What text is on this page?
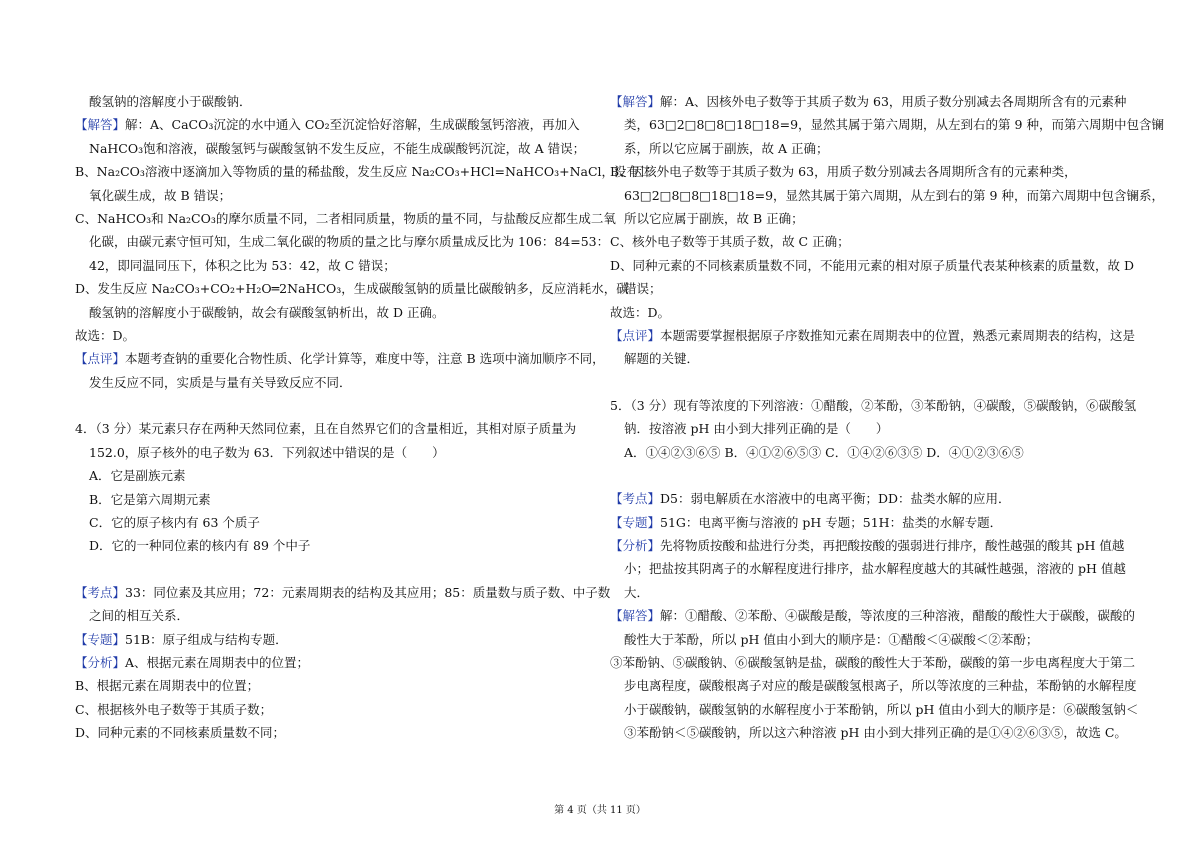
酸氢钠的溶解度小于碳酸钠．
【解答】解：A、CaCO₃沉淀的水中通入 CO₂至沉淀恰好溶解，生成碳酸氢钙溶液，再加入
NaHCO₃饱和溶液，碳酸氢钙与碳酸氢钠不发生反应，不能生成碳酸钙沉淀，故 A 错误；
B、Na₂CO₃溶液中逐滴加入等物质的量的稀盐酸，发生反应 Na₂CO₃+HCl=NaHCO₃+NaCl，没有二
氧化碳生成，故 B 错误；
C、NaHCO₃和 Na₂CO₃的摩尔质量不同，二者相同质量，物质的量不同，与盐酸反应都生成二氧
化碳，由碳元素守恒可知，生成二氧化碳的物质的量之比与摩尔质量成反比为 106：84=53：
42，即同温同压下，体积之比为 53：42，故 C 错误；
D、发生反应 Na₂CO₃+CO₂+H₂O═2NaHCO₃，生成碳酸氢钠的质量比碳酸钠多，反应消耗水，碳
酸氢钠的溶解度小于碳酸钠，故会有碳酸氢钠析出，故 D 正确。
故选：D。
【点评】本题考查钠的重要化合物性质、化学计算等，难度中等，注意 B 选项中滴加顺序不同，
发生反应不同，实质是与量有关导致反应不同．
4．（3 分）某元素只存在两种天然同位素，且在自然界它们的含量相近，其相对原子质量为
152.0，原子核外的电子数为 63．下列叙述中错误的是（　　）
A．它是副族元素
B．它是第六周期元素
C．它的原子核内有 63 个质子
D．它的一种同位素的核内有 89 个中子
【考点】33：同位素及其应用；72：元素周期表的结构及其应用；85：质量数与质子数、中子数
之间的相互关系．
【专题】51B：原子组成与结构专题．
【分析】A、根据元素在周期表中的位置；
B、根据元素在周期表中的位置；
C、根据核外电子数等于其质子数；
D、同种元素的不同核素质量数不同；
【解答】解：A、因核外电子数等于其质子数为 63，用质子数分别减去各周期所含有的元素种
类，63□2□8□8□18□18=9，显然其属于第六周期，从左到右的第 9 种，而第六周期中包含镧
系，所以它应属于副族，故 A 正确；
B、因核外电子数等于其质子数为 63，用质子数分别减去各周期所含有的元素种类，
63□2□8□8□18□18=9，显然其属于第六周期，从左到右的第 9 种，而第六周期中包含镧系，
所以它应属于副族，故 B 正确；
C、核外电子数等于其质子数，故 C 正确；
D、同种元素的不同核素质量数不同，不能用元素的相对原子质量代表某种核素的质量数，故 D
错误；
故选：D。
【点评】本题需要掌握根据原子序数推知元素在周期表中的位置，熟悉元素周期表的结构，这是
解题的关键．
5．（3 分）现有等浓度的下列溶液：①醋酸，②苯酚，③苯酚钠，④碳酸，⑤碳酸钠，⑥碳酸氢
钠．按溶液 pH 由小到大排列正确的是（　　）
A．①④②③⑥⑤ B．④①②⑥⑤③ C．①④②⑥③⑤ D．④①②③⑥⑤
【考点】D5：弱电解质在水溶液中的电离平衡；DD：盐类水解的应用．
【专题】51G：电离平衡与溶液的 pH 专题；51H：盐类的水解专题．
【分析】先将物质按酸和盐进行分类，再把酸按酸的强弱进行排序，酸性越强的酸其 pH 值越
小；把盐按其阴离子的水解程度进行排序，盐水解程度越大的其碱性越强，溶液的 pH 值越
大．
【解答】解：①醋酸、②苯酚、④碳酸是酸，等浓度的三种溶液，醋酸的酸性大于碳酸，碳酸的
酸性大于苯酚，所以 pH 值由小到大的顺序是：①醋酸＜④碳酸＜②苯酚；
③苯酚钠、⑤碳酸钠、⑥碳酸氢钠是盐，碳酸的酸性大于苯酚，碳酸的第一步电离程度大于第二
步电离程度，碳酸根离子对应的酸是碳酸氢根离子，所以等浓度的三种盐，苯酚钠的水解程度
小于碳酸钠，碳酸氢钠的水解程度小于苯酚钠，所以 pH 值由小到大的顺序是：⑥碳酸氢钠＜
③苯酚钠＜⑤碳酸钠，所以这六种溶液 pH 由小到大排列正确的是①④②⑥③⑤，故选 C。
第 4 页（共 11 页）
